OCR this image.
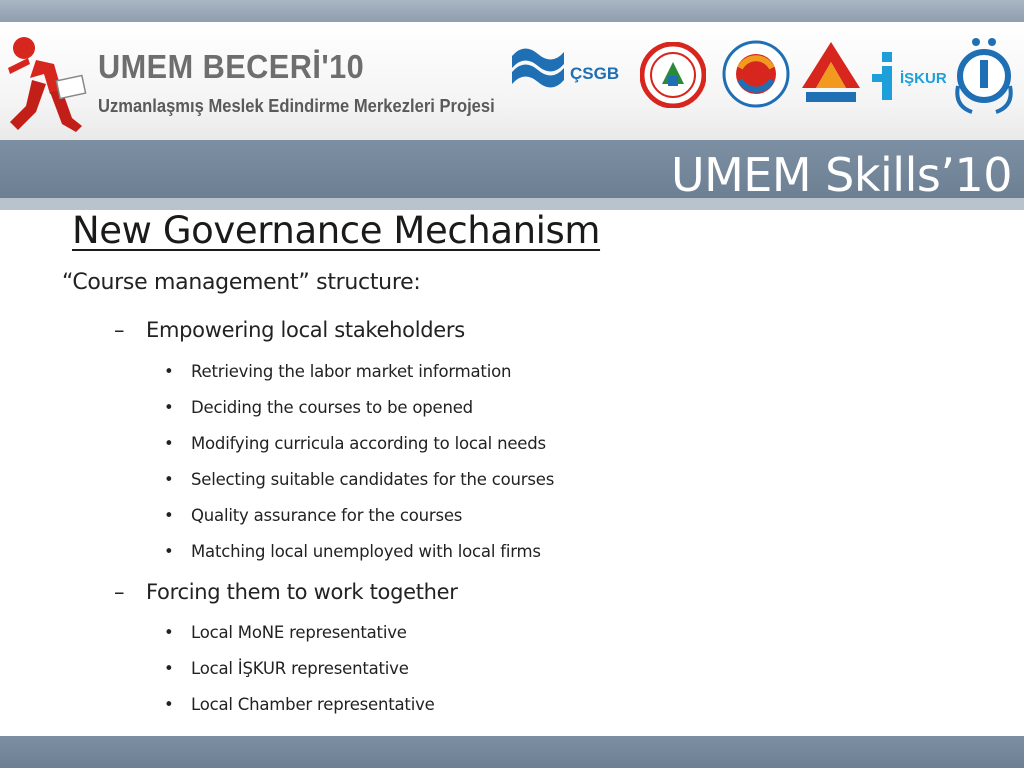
UMEM BECERİ'10
Uzmanlaşmış Meslek Edindirme Merkezleri Projesi
ÇSGB	İŞKUR
UMEM Skills’10
New Governance Mechanism
“Course management” structure:
– Empowering local stakeholders
• Retrieving the labor market information
• Deciding the courses to be opened
• Modifying curricula according to local needs
• Selecting suitable candidates for the courses
• Quality assurance for the courses
• Matching local unemployed with local firms
– Forcing them to work together
• Local MoNE representative
• Local İŞKUR representative
• Local Chamber representative
